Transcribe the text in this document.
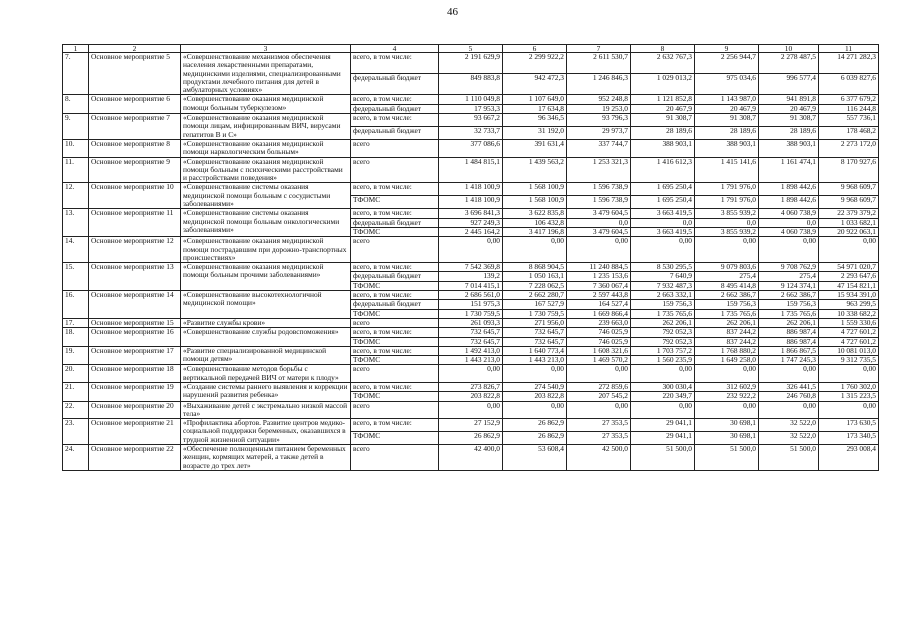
46
1	2	3	4	5	6	7	8	9	10	11
7.	Основное мероприятие 5	«Совершенствование механизмов обеспечения населения лекарственными препаратами, медицинскими изделиями, специализированными продуктами лечебного питания для детей в амбулаторных условиях»	всего, в том числе:	2 191 629,9	2 299 922,2	2 611 530,7	2 632 767,3	2 256 944,7	2 278 487,5	14 271 282,3
			федеральный бюджет	849 883,8	942 472,3	1 246 846,3	1 029 013,2	975 034,6	996 577,4	6 039 827,6
8.	Основное мероприятие 6	«Совершенствование оказания медицинской помощи больным туберкулезом»	всего, в том числе:	1 110 049,8	1 107 649,0	952 248,8	1 121 852,8	1 143 987,0	941 891,8	6 377 679,2
			федеральный бюджет	17 953,3	17 634,8	19 253,0	20 467,9	20 467,9	20 467,9	116 244,8
9.	Основное мероприятие 7	«Совершенствование оказания медицинской помощи лицам, инфицированным ВИЧ, вирусами гепатитов В и С»	всего, в том числе:	93 667,2	96 346,5	93 796,3	91 308,7	91 308,7	91 308,7	557 736,1
			федеральный бюджет	32 733,7	31 192,0	29 973,7	28 189,6	28 189,6	28 189,6	178 468,2
10.	Основное мероприятие 8	«Совершенствование оказания медицинской помощи наркологическим больным»	всего	377 086,6	391 631,4	337 744,7	388 903,1	388 903,1	388 903,1	2 273 172,0
11.	Основное мероприятие 9	«Совершенствование оказания медицинской помощи больным с психическими расстройствами и расстройствами поведения»	всего	1 484 815,1	1 439 563,2	1 253 321,3	1 416 612,3	1 415 141,6	1 161 474,1	8 170 927,6
12.	Основное мероприятие 10	«Совершенствование системы оказания медицинской помощи больным с сосудистыми заболеваниями»	всего, в том числе:	1 418 100,9	1 568 100,9	1 596 738,9	1 695 250,4	1 791 976,0	1 898 442,6	9 968 609,7
			ТФОМС	1 418 100,9	1 568 100,9	1 596 738,9	1 695 250,4	1 791 976,0	1 898 442,6	9 968 609,7
13.	Основное мероприятие 11	«Совершенствование системы оказания медицинской помощи больным онкологическими заболеваниями»	всего, в том числе:	3 696 841,3	3 622 835,8	3 479 604,5	3 663 419,5	3 855 939,2	4 060 738,9	22 379 379,2
			федеральный бюджет	927 249,3	106 432,8	0,0	0,0	0,0	0,0	1 033 682,1
			ТФОМС	2 445 164,2	3 417 196,8	3 479 604,5	3 663 419,5	3 855 939,2	4 060 738,9	20 922 063,1
14.	Основное мероприятие 12	«Совершенствование оказания медицинской помощи пострадавшим при дорожно-транспортных происшествиях»	всего	0,00	0,00	0,00	0,00	0,00	0,00	0,00
15.	Основное мероприятие 13	«Совершенствование оказания медицинской помощи больным прочими заболеваниями»	всего, в том числе:	7 542 369,8	8 868 904,5	11 240 884,5	8 530 295,5	9 079 803,6	9 708 762,9	54 971 020,7
			федеральный бюджет	139,2	1 050 163,1	1 235 153,6	7 640,9	275,4	275,4	2 293 647,6
			ТФОМС	7 014 415,1	7 228 062,5	7 360 067,4	7 932 487,3	8 495 414,8	9 124 374,1	47 154 821,1
16.	Основное мероприятие 14	«Совершенствование высокотехнологичной медицинской помощи»	всего, в том числе:	2 686 561,0	2 662 280,7	2 597 443,8	2 663 332,1	2 662 386,7	2 662 386,7	15 934 391,0
			федеральный бюджет	151 975,3	167 527,9	164 527,4	159 756,3	159 756,3	159 756,3	963 299,5
			ТФОМС	1 730 759,5	1 730 759,5	1 669 866,4	1 735 765,6	1 735 765,6	1 735 765,6	10 338 682,2
17.	Основное мероприятие 15	«Развитие службы крови»	всего	261 093,3	271 956,0	239 663,0	262 206,1	262 206,1	262 206,1	1 559 330,6
18.	Основное мероприятие 16	«Совершенствование службы родовспоможения»	всего, в том числе:	732 645,7	732 645,7	746 025,9	792 052,3	837 244,2	886 987,4	4 727 601,2
			ТФОМС	732 645,7	732 645,7	746 025,9	792 052,3	837 244,2	886 987,4	4 727 601,2
19.	Основное мероприятие 17	«Развитие специализированной медицинской помощи детям»	всего, в том числе:	1 492 413,0	1 640 773,4	1 608 321,6	1 703 757,2	1 768 880,2	1 866 867,5	10 081 013,0
			ТФОМС	1 443 213,0	1 443 213,0	1 469 570,2	1 560 235,9	1 649 258,0	1 747 245,3	9 312 735,5
20.	Основное мероприятие 18	«Совершенствование методов борьбы с вертикальной передачей ВИЧ от матери к плоду»	всего	0,00	0,00	0,00	0,00	0,00	0,00	0,00
21.	Основное мероприятие 19	«Создание системы раннего выявления и коррекции нарушений развития ребенка»	всего, в том числе:	273 826,7	274 540,9	272 859,6	300 030,4	312 602,9	326 441,5	1 760 302,0
			ТФОМС	203 822,8	203 822,8	207 545,2	220 349,7	232 922,2	246 760,8	1 315 223,5
22.	Основное мероприятие 20	«Выхаживание детей с экстремально низкой массой тела»	всего	0,00	0,00	0,00	0,00	0,00	0,00	0,00
23.	Основное мероприятие 21	«Профилактика абортов. Развитие центров медико-социальной поддержки беременных, оказавшихся в трудной жизненной ситуации»	всего, в том числе:	27 152,9	26 862,9	27 353,5	29 041,1	30 698,1	32 522,0	173 630,5
			ТФОМС	26 862,9	26 862,9	27 353,5	29 041,1	30 698,1	32 522,0	173 340,5
24.	Основное мероприятие 22	«Обеспечение полноценным питанием беременных женщин, кормящих матерей, а также детей в возрасте до трех лет»	всего	42 400,0	53 608,4	42 500,0	51 500,0	51 500,0	51 500,0	293 008,4
